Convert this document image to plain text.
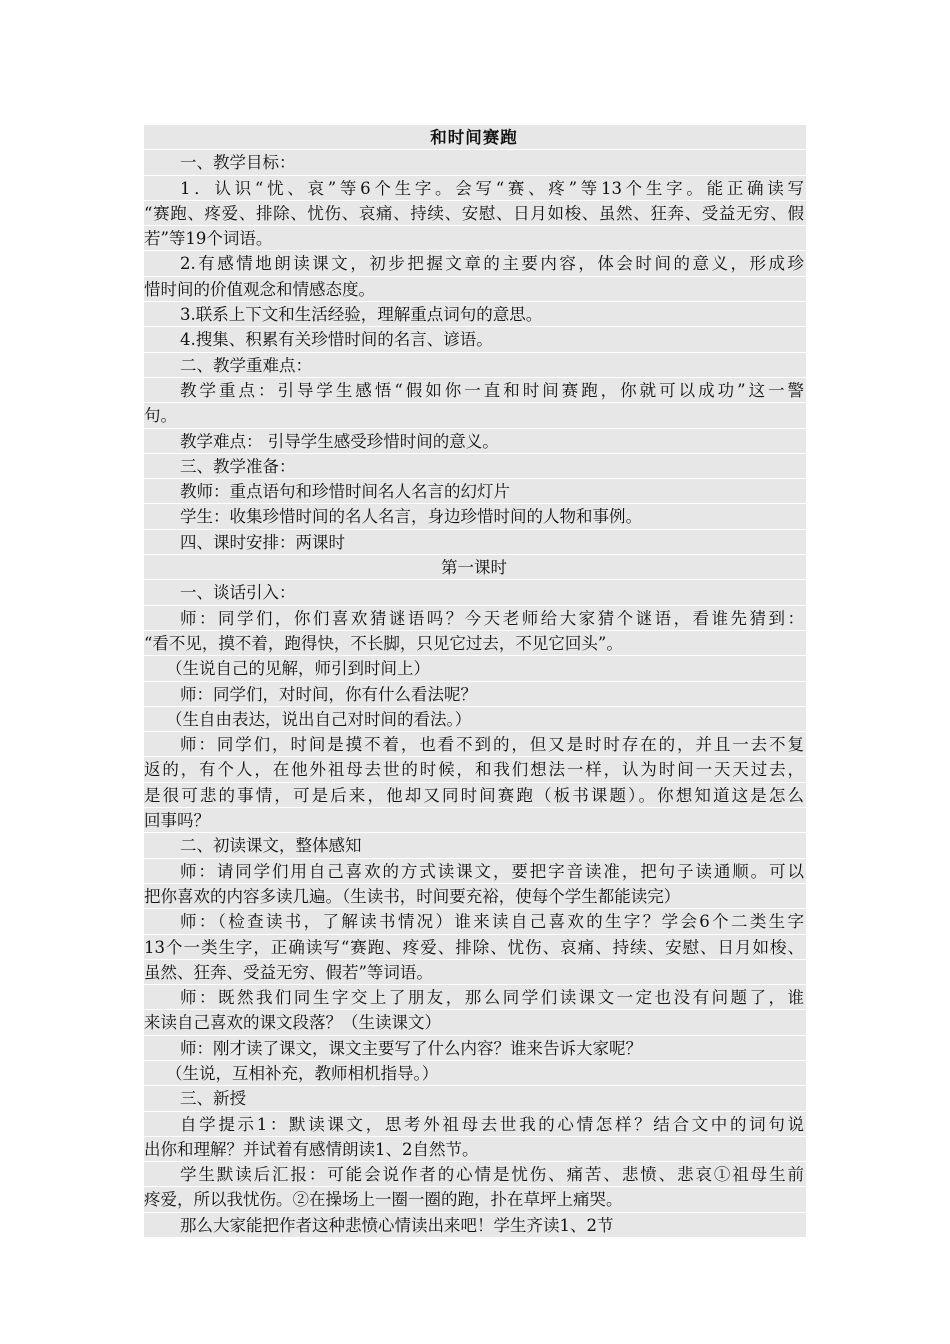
和时间赛跑
一、教学目标：
1．认识“忧、哀”等6个生字。会写“赛、疼”等13个生字。能正确读写
“赛跑、疼爱、排除、忧伤、哀痛、持续、安慰、日月如梭、虽然、狂奔、受益无穷、假
若”等19个词语。
2.有感情地朗读课文，初步把握文章的主要内容，体会时间的意义，形成珍
惜时间的价值观念和情感态度。
3.联系上下文和生活经验，理解重点词句的意思。
4.搜集、积累有关珍惜时间的名言、谚语。
二、教学重难点：
教学重点：引导学生感悟“假如你一直和时间赛跑，你就可以成功”这一警
句。
教学难点： 引导学生感受珍惜时间的意义。
三、教学准备：
教师：重点语句和珍惜时间名人名言的幻灯片
学生：收集珍惜时间的名人名言，身边珍惜时间的人物和事例。
四、课时安排：两课时
第一课时
一、谈话引入：
师：同学们，你们喜欢猜谜语吗？今天老师给大家猜个谜语，看谁先猜到：
“看不见，摸不着，跑得快，不长脚，只见它过去，不见它回头”。
（生说自己的见解，师引到时间上）
师：同学们，对时间，你有什么看法呢？
（生自由表达，说出自己对时间的看法。）
师：同学们，时间是摸不着，也看不到的，但又是时时存在的，并且一去不复
返的，有个人，在他外祖母去世的时候，和我们想法一样，认为时间一天天过去，
是很可悲的事情，可是后来，他却又同时间赛跑（板书课题）。你想知道这是怎么
回事吗？
二、初读课文，整体感知
师：请同学们用自己喜欢的方式读课文，要把字音读准，把句子读通顺。可以
把你喜欢的内容多读几遍。（生读书，时间要充裕，使每个学生都能读完）
师：（检查读书，了解读书情况）谁来读自己喜欢的生字？学会6个二类生字
13个一类生字，正确读写“赛跑、疼爱、排除、忧伤、哀痛、持续、安慰、日月如梭、
虽然、狂奔、受益无穷、假若”等词语。
师：既然我们同生字交上了朋友，那么同学们读课文一定也没有问题了，谁
来读自己喜欢的课文段落？（生读课文）
师：刚才读了课文，课文主要写了什么内容？谁来告诉大家呢？
（生说，互相补充，教师相机指导。）
三、新授
自学提示1：默读课文，思考外祖母去世我的心情怎样？结合文中的词句说
出你和理解？并试着有感情朗读1、2自然节。
学生默读后汇报：可能会说作者的心情是忧伤、痛苦、悲愤、悲哀①祖母生前
疼爱，所以我忧伤。②在操场上一圈一圈的跑，扑在草坪上痛哭。
那么大家能把作者这种悲愤心情读出来吧！学生齐读1、2节
